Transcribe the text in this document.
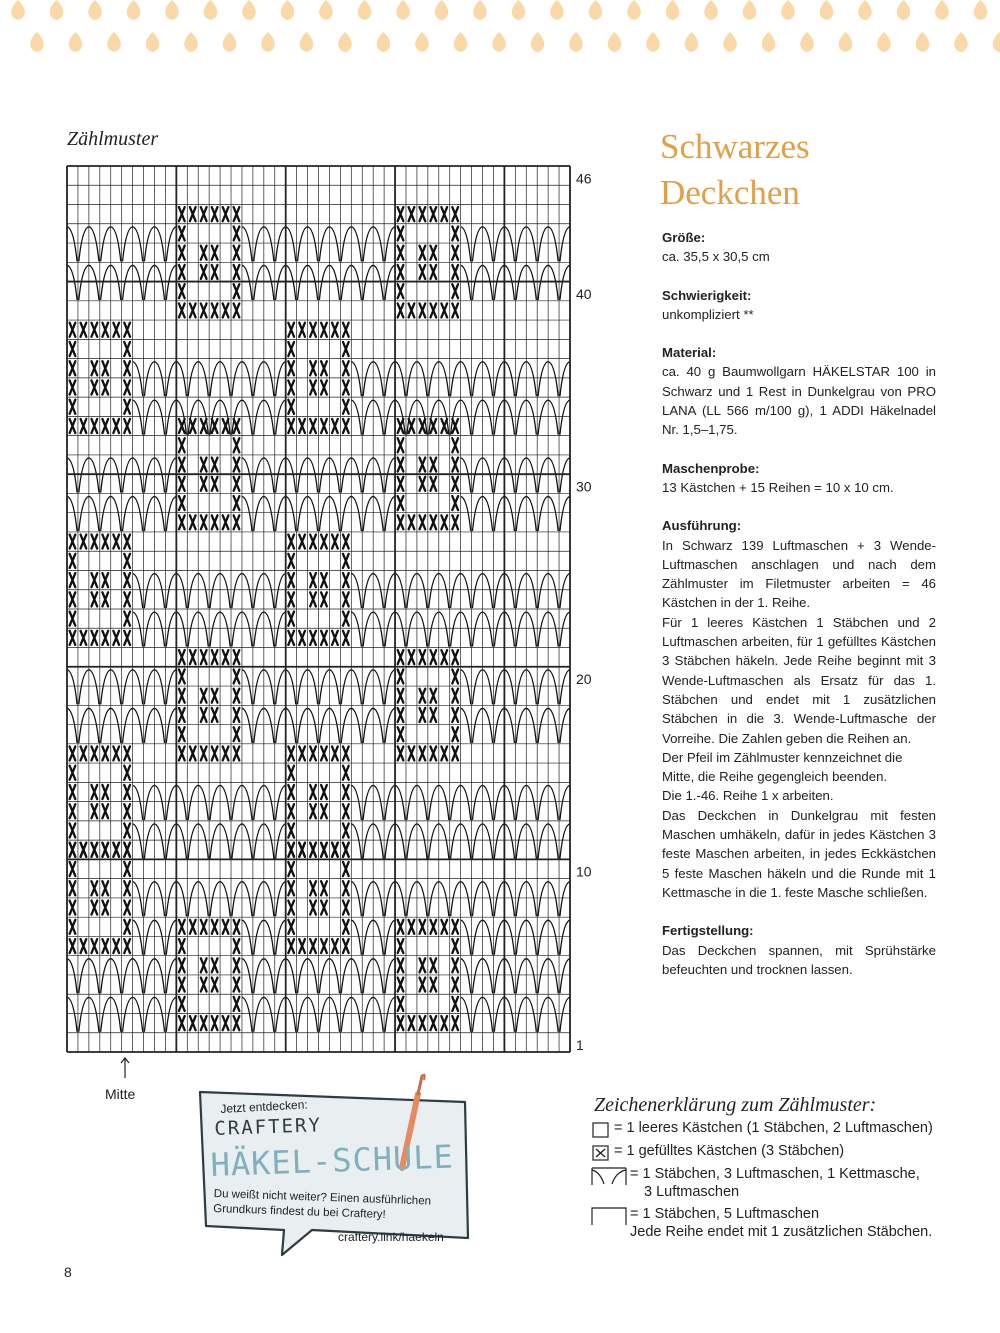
Zählmuster
46
40
30
20
10
1
Schwarzes
Deckchen
Größe:
ca. 35,5 x 30,5 cm
Schwierigkeit:
unkompliziert **
Material:
ca. 40 g Baumwollgarn HÄKELSTAR 100 in Schwarz und 1 Rest in Dunkelgrau von PRO LANA (LL 566 m/100 g), 1 ADDI Häkelnadel Nr. 1,5–1,75.
Maschenprobe:
13 Kästchen + 15 Reihen = 10 x 10 cm.
Ausführung:
In Schwarz 139 Luftmaschen + 3 Wende-Luftmaschen anschlagen und nach dem Zählmuster im Filetmuster arbeiten = 46 Kästchen in der 1. Reihe.
Für 1 leeres Kästchen 1 Stäbchen und 2 Luftmaschen arbeiten, für 1 gefülltes Kästchen 3 Stäbchen häkeln. Jede Reihe beginnt mit 3 Wende-Luftmaschen als Ersatz für das 1. Stäbchen und endet mit 1 zusätzlichen Stäbchen in die 3. Wende-Luftmasche der Vorreihe. Die Zahlen geben die Reihen an.
Der Pfeil im Zählmuster kennzeichnet die Mitte, die Reihe gegengleich beenden.
Die 1.-46. Reihe 1 x arbeiten.
Das Deckchen in Dunkelgrau mit festen Maschen umhäkeln, dafür in jedes Kästchen 3 feste Maschen arbeiten, in jedes Eckkästchen 5 feste Maschen häkeln und die Runde mit 1 Kettmasche in die 1. feste Masche schließen.
Fertigstellung:
Das Deckchen spannen, mit Sprühstärke befeuchten und trocknen lassen.
Mitte
Jetzt entdecken:
CRAFTERY
HÄKEL-SCHULE
Du weißt nicht weiter? Einen ausführlichen Grundkurs findest du bei Craftery!
craftery.link/haekeln
Zeichenerklärung zum Zählmuster:
= 1 leeres Kästchen (1 Stäbchen, 2 Luftmaschen)
= 1 gefülltes Kästchen (3 Stäbchen)
= 1 Stäbchen, 3 Luftmaschen, 1 Kettmasche,
3 Luftmaschen
= 1 Stäbchen, 5 Luftmaschen
Jede Reihe endet mit 1 zusätzlichen Stäbchen.
8
